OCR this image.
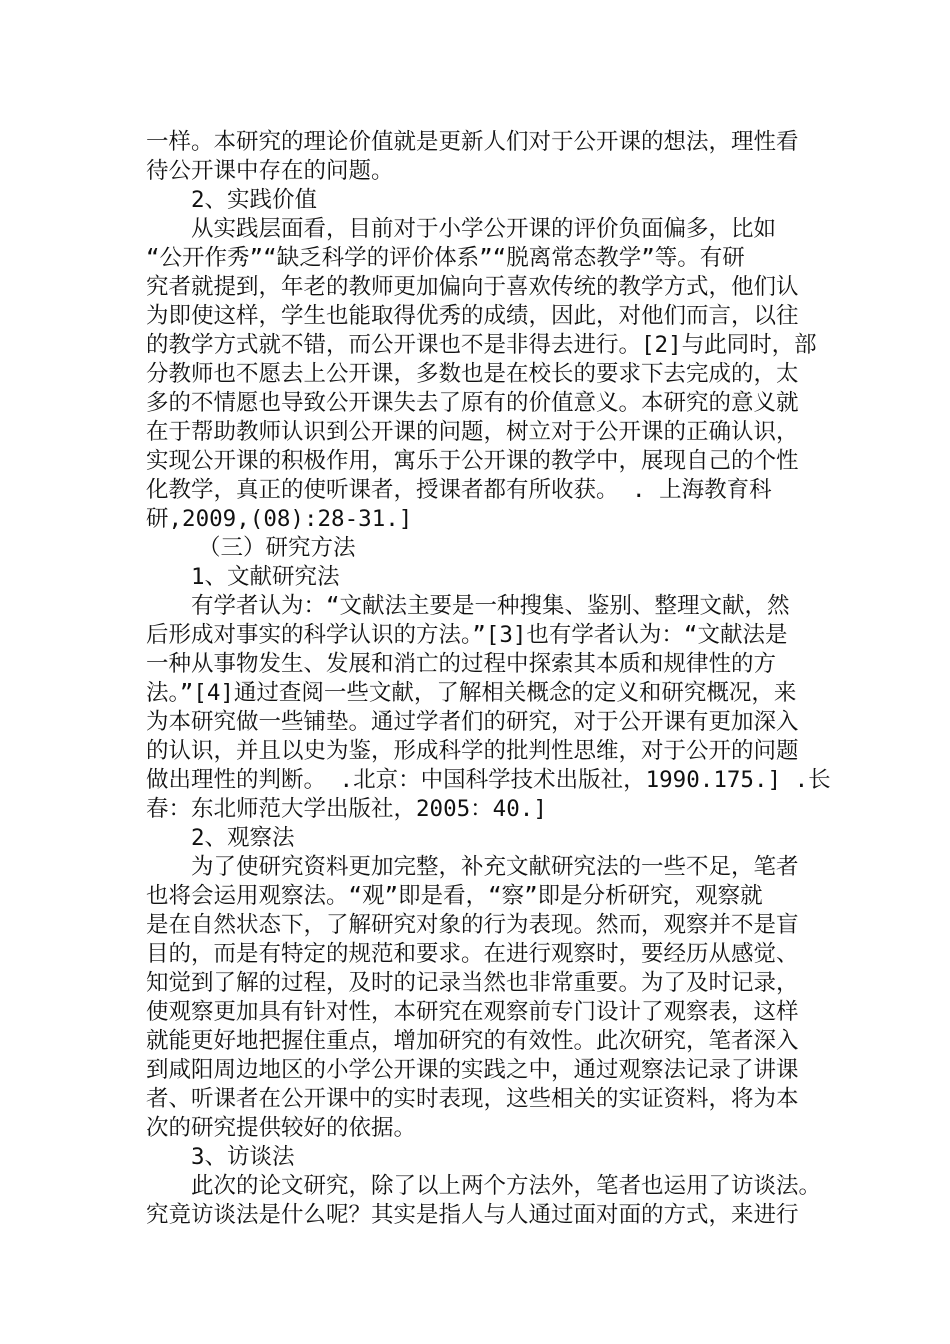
一样。本研究的理论价值就是更新人们对于公开课的想法，理性看
待公开课中存在的问题。
2、实践价值
从实践层面看，目前对于小学公开课的评价负面偏多，比如
“公开作秀”“缺乏科学的评价体系”“脱离常态教学”等。有研
究者就提到，年老的教师更加偏向于喜欢传统的教学方式，他们认
为即使这样，学生也能取得优秀的成绩，因此，对他们而言，以往
的教学方式就不错，而公开课也不是非得去进行。[2]与此同时，部
分教师也不愿去上公开课，多数也是在校长的要求下去完成的，太
多的不情愿也导致公开课失去了原有的价值意义。本研究的意义就
在于帮助教师认识到公开课的问题，树立对于公开课的正确认识，
实现公开课的积极作用，寓乐于公开课的教学中，展现自己的个性
化教学，真正的使听课者，授课者都有所收获。 . 上海教育科
研,2009,(08):28-31.]
（三）研究方法
1、文献研究法
有学者认为：“文献法主要是一种搜集、鉴别、整理文献，然
后形成对事实的科学认识的方法。”[3]也有学者认为：“文献法是
一种从事物发生、发展和消亡的过程中探索其本质和规律性的方
法。”[4]通过查阅一些文献，了解相关概念的定义和研究概况，来
为本研究做一些铺垫。通过学者们的研究，对于公开课有更加深入
的认识，并且以史为鉴，形成科学的批判性思维，对于公开的问题
做出理性的判断。 .北京：中国科学技术出版社，1990.175.] .长
春：东北师范大学出版社，2005：40.]
2、观察法
为了使研究资料更加完整，补充文献研究法的一些不足，笔者
也将会运用观察法。“观”即是看，“察”即是分析研究，观察就
是在自然状态下，了解研究对象的行为表现。然而，观察并不是盲
目的，而是有特定的规范和要求。在进行观察时，要经历从感觉、
知觉到了解的过程，及时的记录当然也非常重要。为了及时记录，
使观察更加具有针对性，本研究在观察前专门设计了观察表，这样
就能更好地把握住重点，增加研究的有效性。此次研究，笔者深入
到咸阳周边地区的小学公开课的实践之中，通过观察法记录了讲课
者、听课者在公开课中的实时表现，这些相关的实证资料，将为本
次的研究提供较好的依据。
3、访谈法
此次的论文研究，除了以上两个方法外，笔者也运用了访谈法。
究竟访谈法是什么呢？其实是指人与人通过面对面的方式，来进行
